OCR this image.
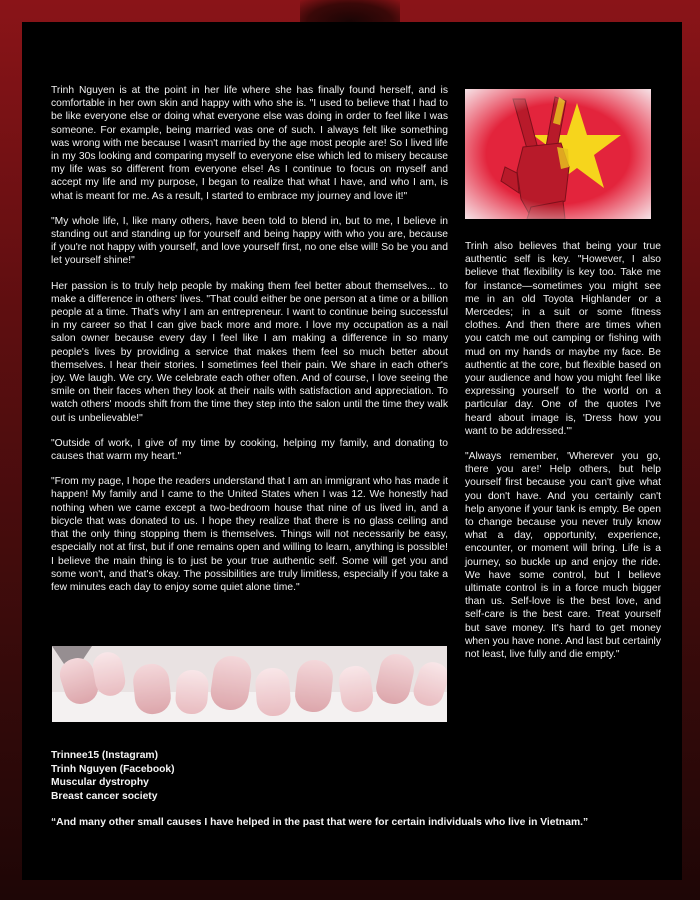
Trinh Nguyen is at the point in her life where she has finally found herself, and is comfortable in her own skin and happy with who she is. "I used to believe that I had to be like everyone else or doing what everyone else was doing in order to feel like I was someone. For example, being married was one of such. I always felt like something was wrong with me because I wasn't married by the age most people are! So I lived life in my 30s looking and comparing myself to everyone else which led to misery because my life was so different from everyone else! As I continue to focus on myself and accept my life and my purpose, I began to realize that what I have, and who I am, is what is meant for me. As a result, I started to embrace my journey and love it!"

"My whole life, I, like many others, have been told to blend in, but to me, I believe in standing out and standing up for yourself and being happy with who you are, because if you're not happy with yourself, and love yourself first, no one else will! So be you and let yourself shine!"

Her passion is to truly help people by making them feel better about themselves... to make a difference in others' lives. "That could either be one person at a time or a billion people at a time. That's why I am an entrepreneur. I want to continue being successful in my career so that I can give back more and more. I love my occupation as a nail salon owner because every day I feel like I am making a difference in so many people's lives by providing a service that makes them feel so much better about themselves. I hear their stories. I sometimes feel their pain. We share in each other's joy. We laugh. We cry. We celebrate each other often. And of course, I love seeing the smile on their faces when they look at their nails with satisfaction and appreciation. To watch others' moods shift from the time they step into the salon until the time they walk out is unbelievable!"

"Outside of work, I give of my time by cooking, helping my family, and donating to causes that warm my heart."

"From my page, I hope the readers understand that I am an immigrant who has made it happen! My family and I came to the United States when I was 12. We honestly had nothing when we came except a two-bedroom house that nine of us lived in, and a bicycle that was donated to us. I hope they realize that there is no glass ceiling and that the only thing stopping them is themselves. Things will not necessarily be easy, especially not at first, but if one remains open and willing to learn, anything is possible! I believe the main thing is to just be your true authentic self. Some will get you and some won't, and that's okay. The possibilities are truly limitless, especially if you take a few minutes each day to enjoy some quiet alone time."

Trinh also believes that being your true authentic self is key. "However, I also believe that flexibility is key too. Take me for instance—sometimes you might see me in an old Toyota Highlander or a Mercedes; in a suit or some fitness clothes. And then there are times when you catch me out camping or fishing with mud on my hands or maybe my face. Be authentic at the core, but flexible based on your audience and how you might feel like expressing yourself to the world on a particular day. One of the quotes I've heard about image is, 'Dress how you want to be addressed.'"

"Always remember, 'Wherever you go, there you are!' Help others, but help yourself first because you can't give what you don't have. And you certainly can't help anyone if your tank is empty. Be open to change because you never truly know what a day, opportunity, experience, encounter, or moment will bring. Life is a journey, so buckle up and enjoy the ride. We have some control, but I believe ultimate control is in a force much bigger than us. Self-love is the best love, and self-care is the best care. Treat yourself but save money. It's hard to get money when you have none. And last but certainly not least, live fully and die empty."

Trinnee15 (Instagram)
Trinh Nguyen (Facebook)
Muscular dystrophy
Breast cancer society
“And many other small causes I have helped in the past that were for certain individuals who live in Vietnam.”
